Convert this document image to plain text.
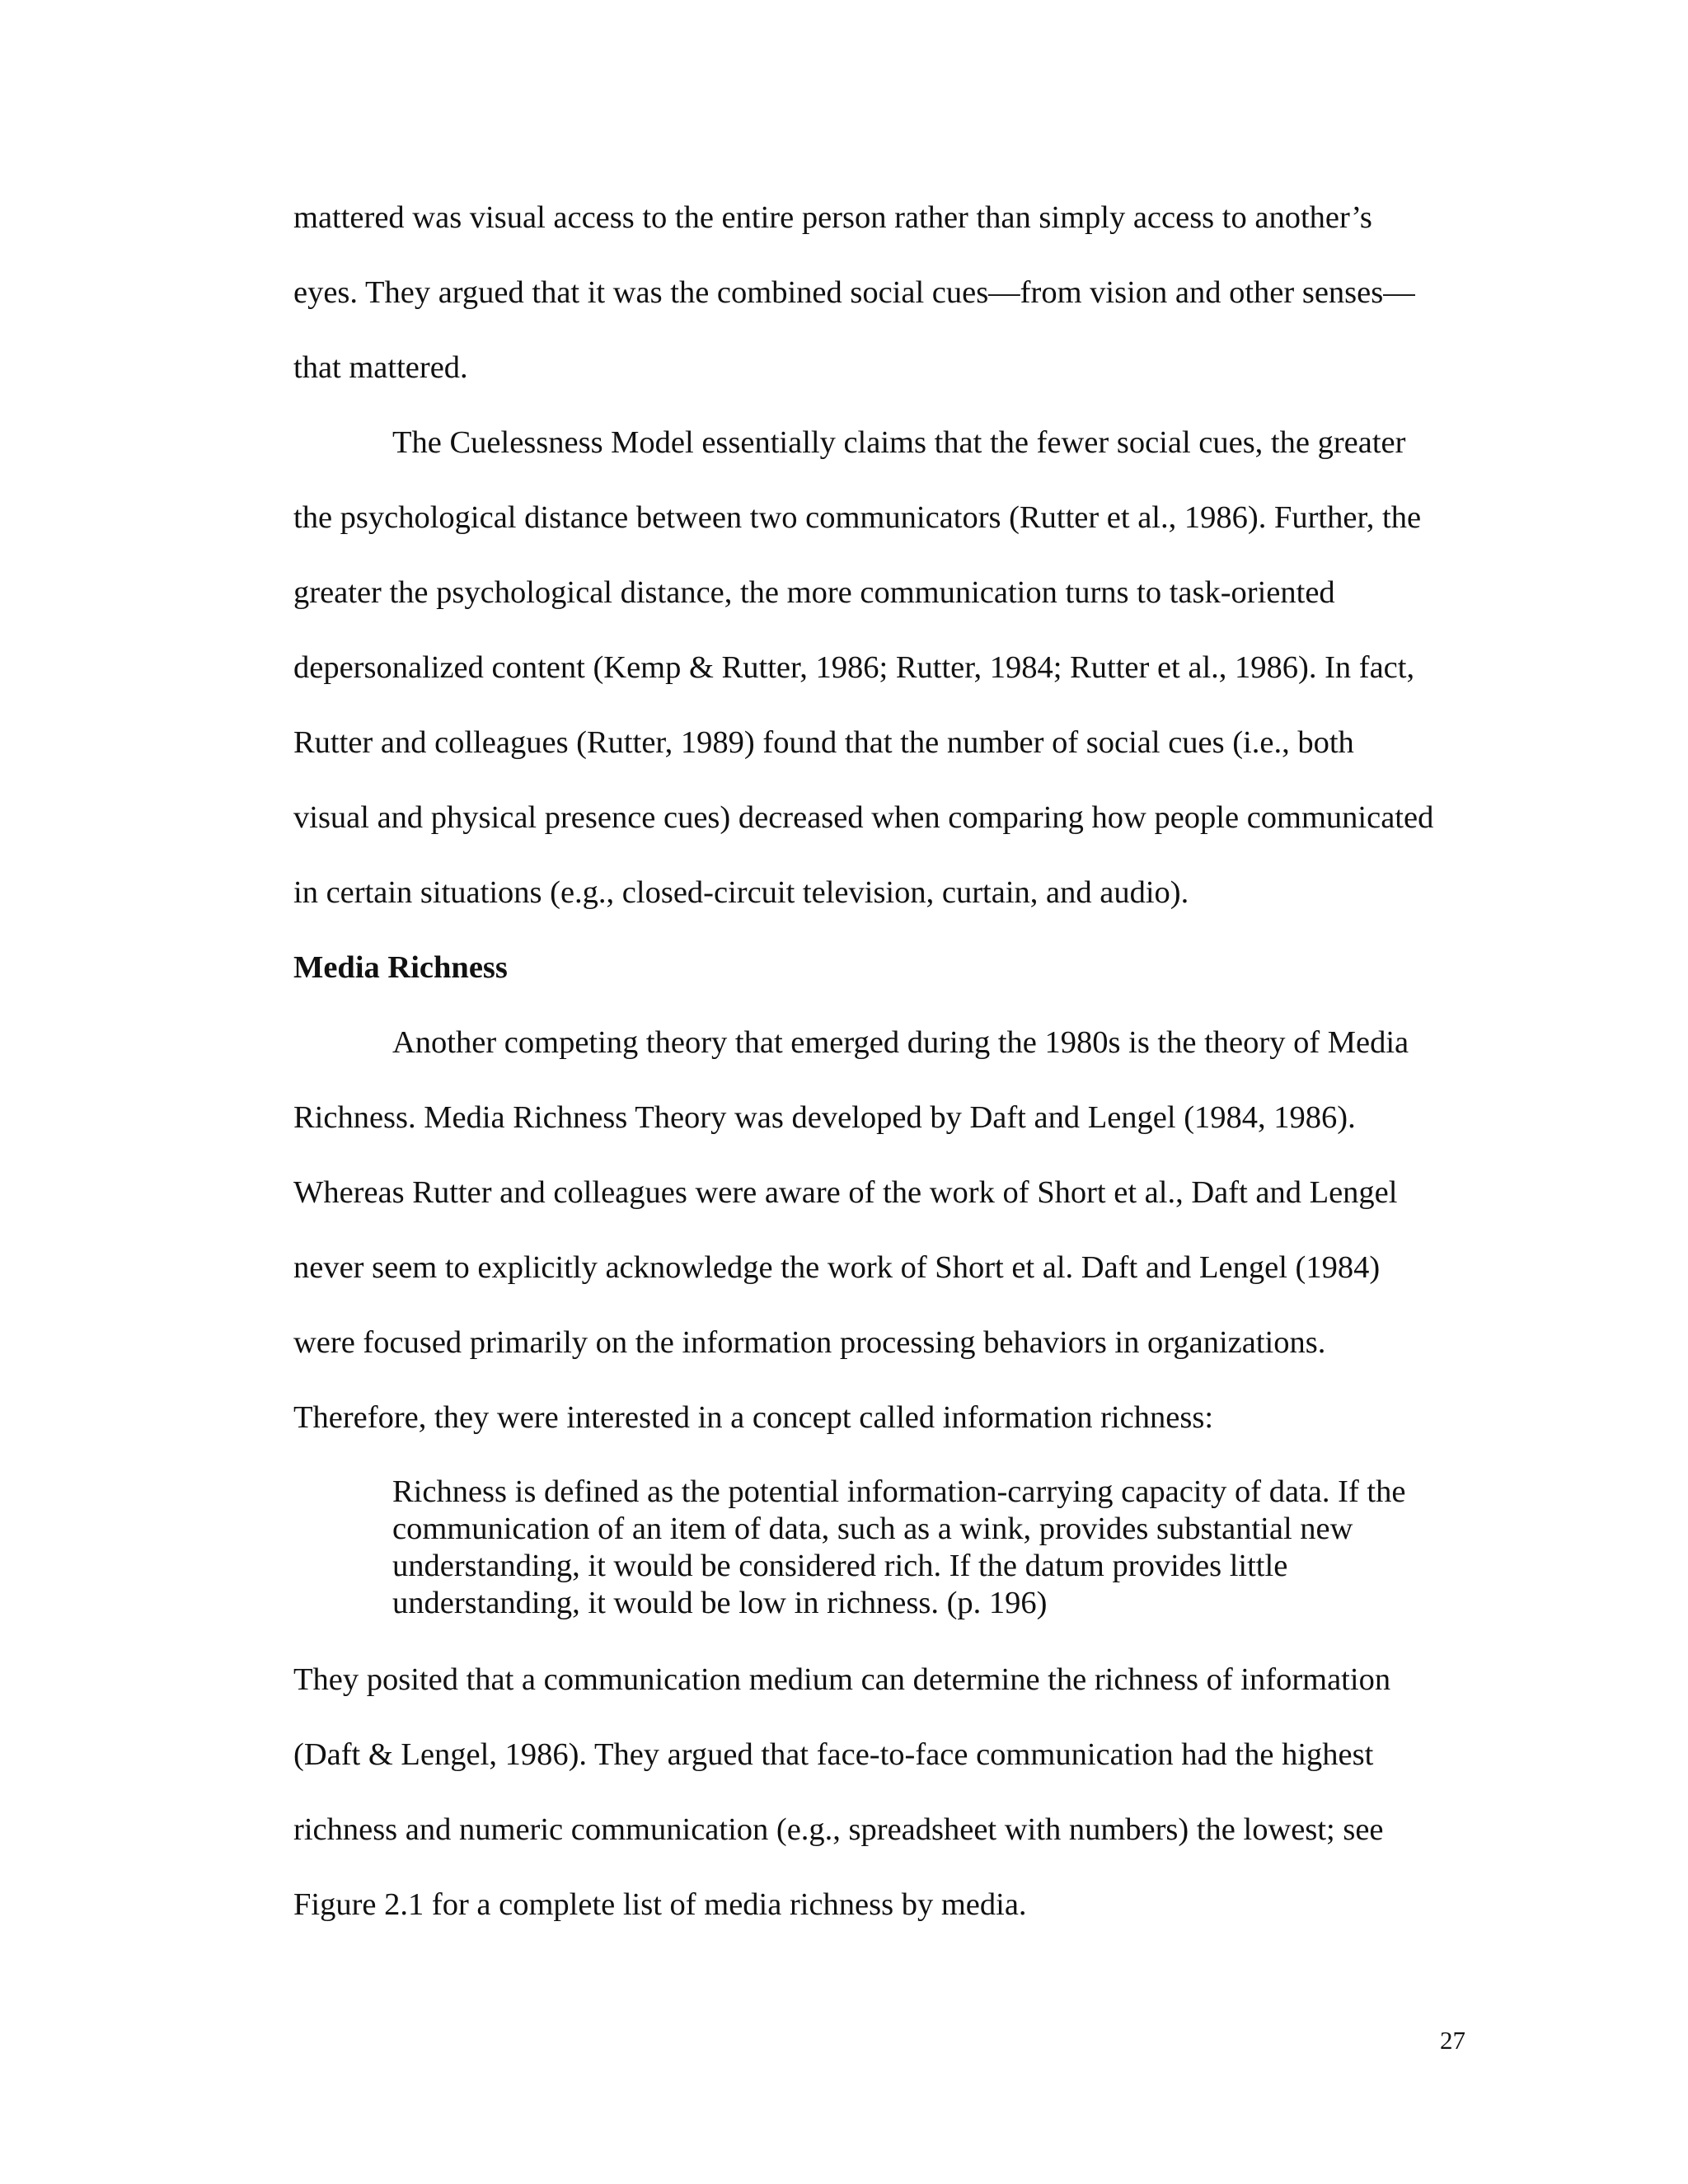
mattered was visual access to the entire person rather than simply access to another’s
eyes. They argued that it was the combined social cues—from vision and other senses—
that mattered.
The Cuelessness Model essentially claims that the fewer social cues, the greater
the psychological distance between two communicators (Rutter et al., 1986). Further, the
greater the psychological distance, the more communication turns to task-oriented
depersonalized content (Kemp & Rutter, 1986; Rutter, 1984; Rutter et al., 1986). In fact,
Rutter and colleagues (Rutter, 1989) found that the number of social cues (i.e., both
visual and physical presence cues) decreased when comparing how people communicated
in certain situations (e.g., closed-circuit television, curtain, and audio).
Media Richness
Another competing theory that emerged during the 1980s is the theory of Media
Richness. Media Richness Theory was developed by Daft and Lengel (1984, 1986).
Whereas Rutter and colleagues were aware of the work of Short et al., Daft and Lengel
never seem to explicitly acknowledge the work of Short et al. Daft and Lengel (1984)
were focused primarily on the information processing behaviors in organizations.
Therefore, they were interested in a concept called information richness:
Richness is defined as the potential information-carrying capacity of data. If the
communication of an item of data, such as a wink, provides substantial new
understanding, it would be considered rich. If the datum provides little
understanding, it would be low in richness. (p. 196)
They posited that a communication medium can determine the richness of information
(Daft & Lengel, 1986). They argued that face-to-face communication had the highest
richness and numeric communication (e.g., spreadsheet with numbers) the lowest; see
Figure 2.1 for a complete list of media richness by media.
27
